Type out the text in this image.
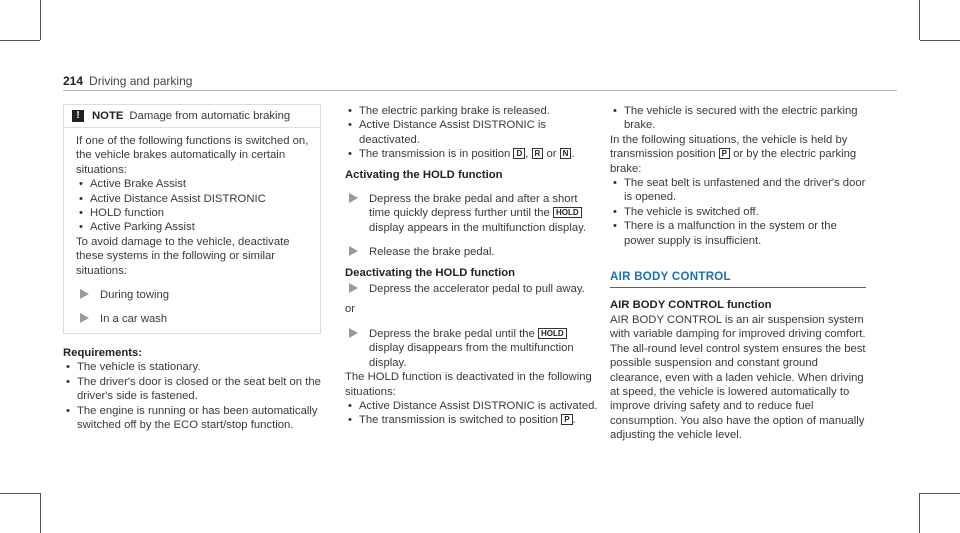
214 Driving and parking
!	NOTE Damage from automatic braking

If one of the following functions is switched on, the vehicle brakes automatically in certain situations:

• Active Brake Assist
• Active Distance Assist DISTRONIC
• HOLD function
• Active Parking Assist

To avoid damage to the vehicle, deactivate these systems in the following or similar situations:

During towing
In a car wash

Requirements:

• The vehicle is stationary.
• The driver's door is closed or the seat belt on the driver's side is fastened.
• The engine is running or has been automatically switched off by the ECO start/stop function.
• The electric parking brake is released.
• Active Distance Assist DISTRONIC is deactivated.
• The transmission is in position D , R or N .

Activating the HOLD function

Depress the brake pedal and after a short time quickly depress further until the HOLD display appears in the multifunction display.
Release the brake pedal.

Deactivating the HOLD function

Depress the accelerator pedal to pull away.

or

Depress the brake pedal until the HOLD display disappears from the multifunction display.

The HOLD function is deactivated in the following situations:

• Active Distance Assist DISTRONIC is activated.
• The transmission is switched to position P .
• The vehicle is secured with the electric parking brake.

In the following situations, the vehicle is held by transmission position P or by the electric parking brake:

• The seat belt is unfastened and the driver's door is opened.
• The vehicle is switched off.
• There is a malfunction in the system or the power supply is insufficient.
AIR BODY CONTROL

AIR BODY CONTROL function

AIR BODY CONTROL is an air suspension system with variable damping for improved driving comfort. The all-round level control system ensures the best possible suspension and constant ground clearance, even with a laden vehicle. When driving at speed, the vehicle is lowered automatically to improve driving safety and to reduce fuel consumption. You also have the option of manually adjusting the vehicle level.
